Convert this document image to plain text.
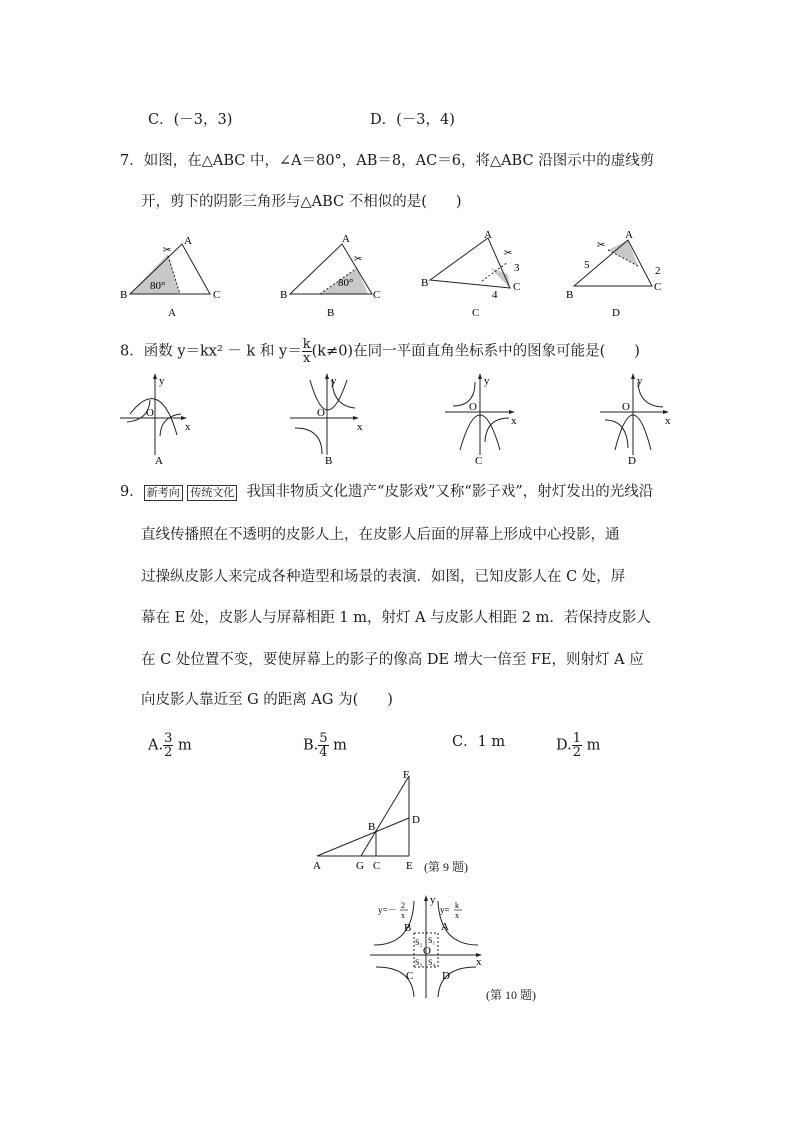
C．(－3，3)	D．(－3，4)
7．如图，在△ABC 中，∠A＝80°，AB＝8，AC＝6，将△ABC 沿图示中的虚线剪
开，剪下的阴影三角形与△ABC 不相似的是(　　)
B
A
C
80°
✂
A
B
A
C
80°
✂
B
B
A
C
3
4
✂
C
B
A
C
5	2
✂
D
8．函数 y＝kx² － k 和 $y= \frac{k}{x} (k\ne 0)$在同一平面直角坐标系中的图象可能是(　　)
y
x
O
A
y
x
O
B
y
x
O
C
y
x
O
D
9． 新考向 传统文化 我国非物质文化遗产“皮影戏”又称“影子戏”，射灯发出的光线沿
直线传播照在不透明的皮影人上，在皮影人后面的屏幕上形成中心投影，通
过操纵皮影人来完成各种造型和场景的表演．如图，已知皮影人在 C 处，屏
幕在 E 处，皮影人与屏幕相距 1 m，射灯 A 与皮影人相距 2 m．若保持皮影人
在 C 处位置不变，要使屏幕上的影子的像高 DE 增大一倍至 FE，则射灯 A 应
向皮影人靠近至 G 的距离 AG 为(　　)
A. $\frac{3}{2}$ m	B. $\frac{5}{4}$ m	C．1 m	D. $\frac{1}{2}$ m
F
D
B
A	G C E (第 9 题)
y=－ 2
x
y= k
x
y
x
O
A
B
C	D
S₂ S₁
S₃ S₄
(第 10 题)
